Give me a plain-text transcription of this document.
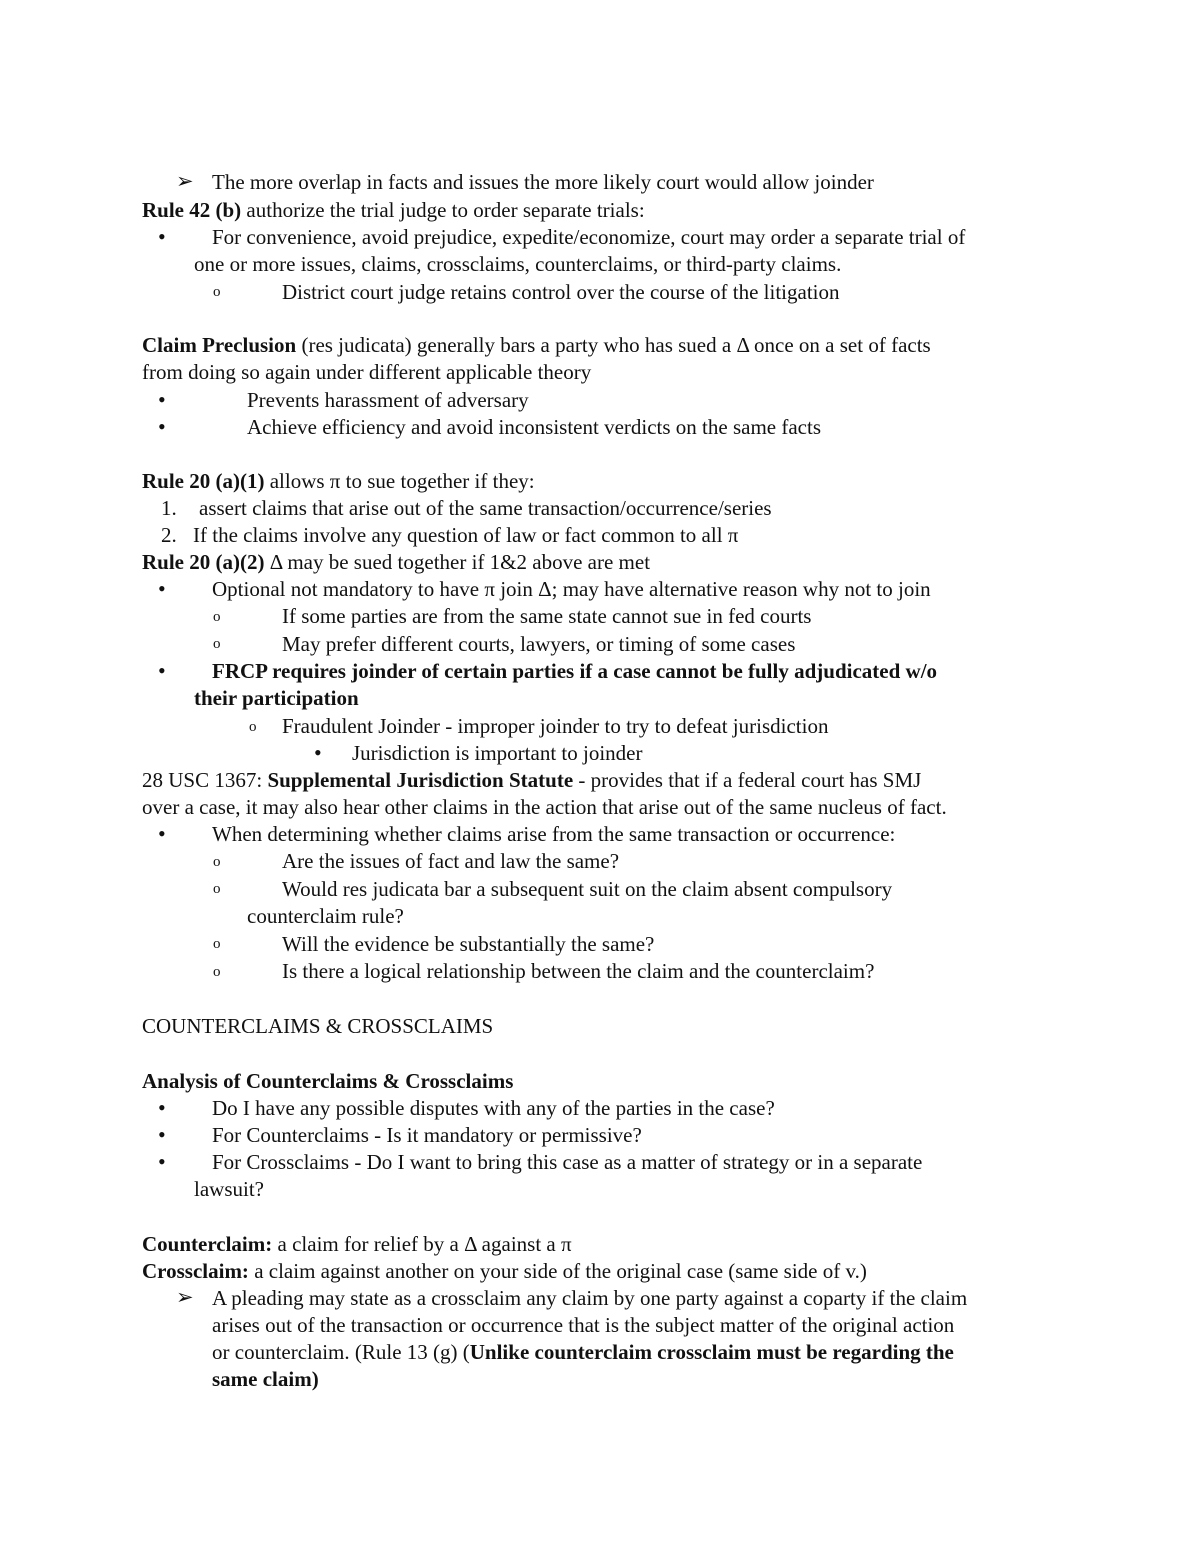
➢ The more overlap in facts and issues the more likely court would allow joinder
Rule 42 (b) authorize the trial judge to order separate trials:
• For convenience, avoid prejudice, expedite/economize, court may order a separate trial of
one or more issues, claims, crossclaims, counterclaims, or third-party claims.
o	District court judge retains control over the course of the litigation
Claim Preclusion (res judicata) generally bars a party who has sued a Δ once on a set of facts
from doing so again under different applicable theory
•	Prevents harassment of adversary
•	Achieve efficiency and avoid inconsistent verdicts on the same facts
Rule 20 (a)(1) allows π to sue together if they:
1. assert claims that arise out of the same transaction/occurrence/series
2. If the claims involve any question of law or fact common to all π
Rule 20 (a)(2) Δ may be sued together if 1&2 above are met
• Optional not mandatory to have π join Δ; may have alternative reason why not to join
o	If some parties are from the same state cannot sue in fed courts
o	May prefer different courts, lawyers, or timing of some cases
• FRCP requires joinder of certain parties if a case cannot be fully adjudicated w/o
their participation
o Fraudulent Joinder - improper joinder to try to defeat jurisdiction
• Jurisdiction is important to joinder
28 USC 1367: Supplemental Jurisdiction Statute - provides that if a federal court has SMJ
over a case, it may also hear other claims in the action that arise out of the same nucleus of fact.
• When determining whether claims arise from the same transaction or occurrence:
o	Are the issues of fact and law the same?
o	Would res judicata bar a subsequent suit on the claim absent compulsory
counterclaim rule?
o	Will the evidence be substantially the same?
o	Is there a logical relationship between the claim and the counterclaim?
COUNTERCLAIMS & CROSSCLAIMS
Analysis of Counterclaims & Crossclaims
• Do I have any possible disputes with any of the parties in the case?
• For Counterclaims - Is it mandatory or permissive?
• For Crossclaims - Do I want to bring this case as a matter of strategy or in a separate
lawsuit?
Counterclaim: a claim for relief by a Δ against a π
Crossclaim: a claim against another on your side of the original case (same side of v.)
➢ A pleading may state as a crossclaim any claim by one party against a coparty if the claim
arises out of the transaction or occurrence that is the subject matter of the original action
or counterclaim. (Rule 13 (g) (Unlike counterclaim crossclaim must be regarding the
same claim)
